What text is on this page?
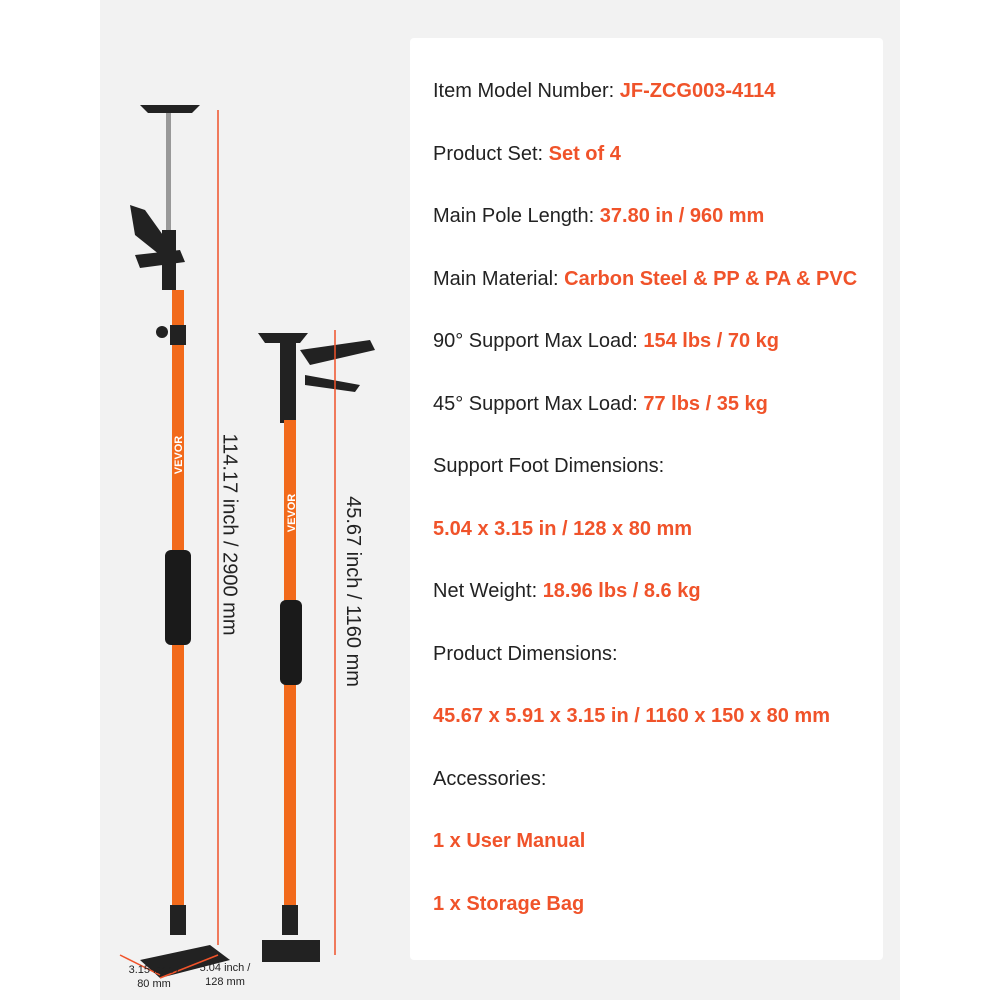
VEVOR
VEVOR
114.17 inch / 2900 mm	45.67 inch / 1160 mm
3.15 inch / 80 mm
5.04 inch / 128 mm
Item Model Number: JF-ZCG003-4114
Product Set: Set of 4
Main Pole Length: 37.80 in / 960 mm
Main Material: Carbon Steel & PP & PA & PVC
90° Support Max Load: 154 lbs / 70 kg
45° Support Max Load: 77 lbs / 35 kg
Support Foot Dimensions:
5.04 x 3.15 in / 128 x 80 mm
Net Weight: 18.96 lbs / 8.6 kg
Product Dimensions:
45.67 x 5.91 x 3.15 in / 1160 x 150 x 80 mm
Accessories:
1 x User Manual
1 x Storage Bag
